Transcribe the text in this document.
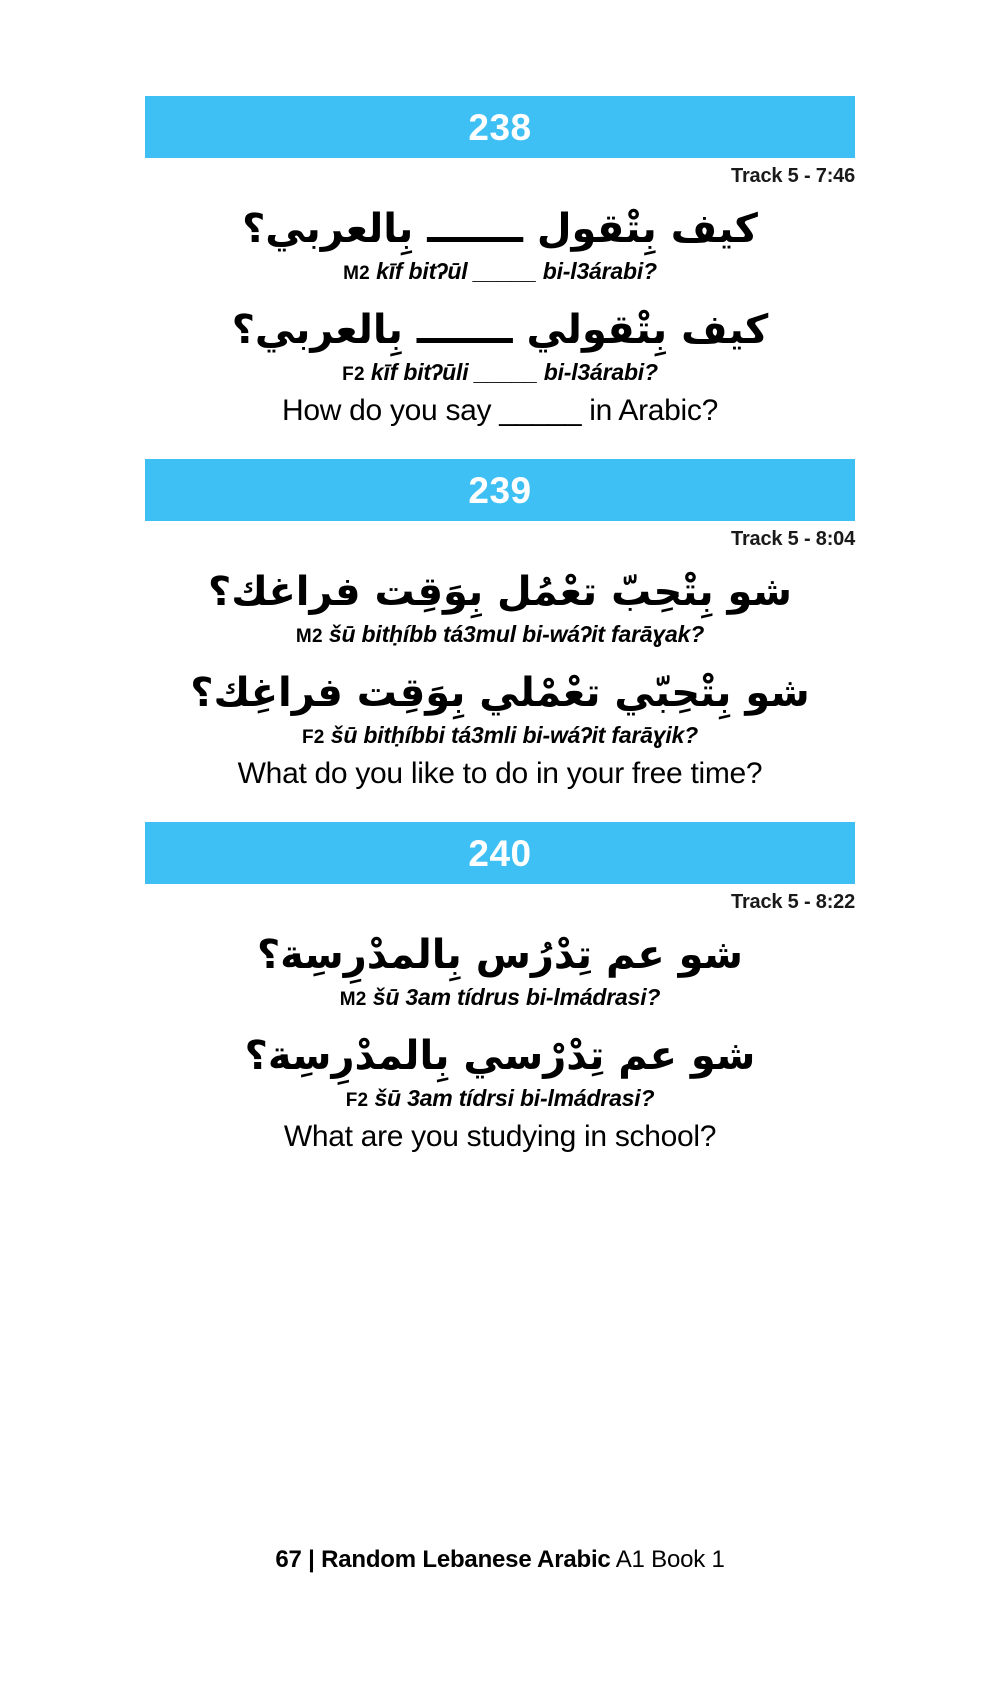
238
Track 5 - 7:46
كيف بِتْقول ـــــــ بِالعربي؟
M2 kīf bitʔūl _____ bi-l3árabi?
كيف بِتْقولي ـــــــ بِالعربي؟
F2 kīf bitʔūli _____ bi-l3árabi?
How do you say _____ in Arabic?
239
Track 5 - 8:04
شو بِتْحِبّ تعْمُل بِوَقِت فراغك؟
M2 šū bitḥíbb tá3mul bi-wáʔit farāɣak?
شو بِتْحِبّي تعْمْلي بِوَقِت فراغِك؟
F2 šū bitḥíbbi tá3mli bi-wáʔit farāɣik?
What do you like to do in your free time?
240
Track 5 - 8:22
شو عم تِدْرُس بِالمدْرِسِة؟
M2 šū 3am tídrus bi-lmádrasi?
شو عم تِدْرْسي بِالمدْرِسِة؟
F2 šū 3am tídrsi bi-lmádrasi?
What are you studying in school?
67 | Random Lebanese Arabic A1 Book 1
